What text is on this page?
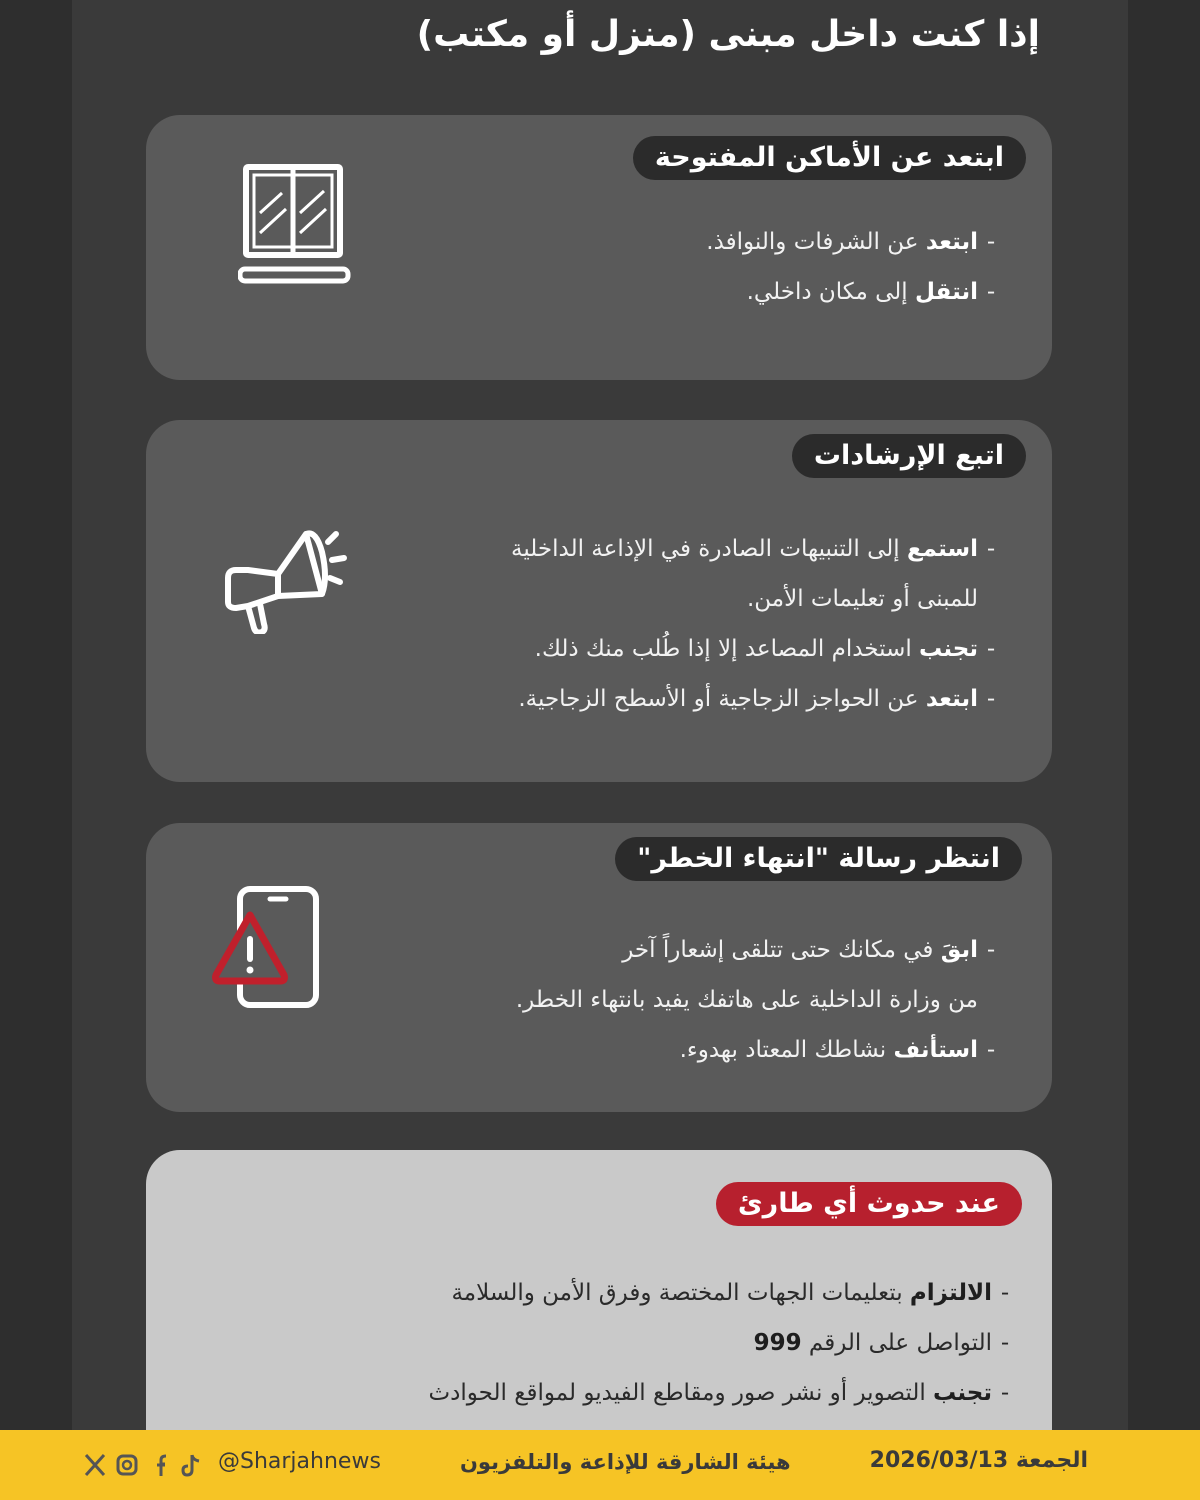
إذا كنت داخل مبنى (منزل أو مكتب)
ابتعد عن الأماكن المفتوحة
-ابتعد عن الشرفات والنوافذ.
-انتقل إلى مكان داخلي.
اتبع الإرشادات
-استمع إلى التنبيهات الصادرة في الإذاعة الداخلية
للمبنى أو تعليمات الأمن.
-تجنب استخدام المصاعد إلا إذا طُلب منك ذلك.
-ابتعد عن الحواجز الزجاجية أو الأسطح الزجاجية.
انتظر رسالة "انتهاء الخطر"
-ابقَ في مكانك حتى تتلقى إشعاراً آخر
من وزارة الداخلية على هاتفك يفيد بانتهاء الخطر.
-استأنف نشاطك المعتاد بهدوء.
عند حدوث أي طارئ
-الالتزام بتعليمات الجهات المختصة وفرق الأمن والسلامة
-التواصل على الرقم 999
-تجنب التصوير أو نشر صور ومقاطع الفيديو لمواقع الحوادث
الجمعة 2026/03/13
هيئة الشارقة للإذاعة والتلفزيون
@Sharjahnews
